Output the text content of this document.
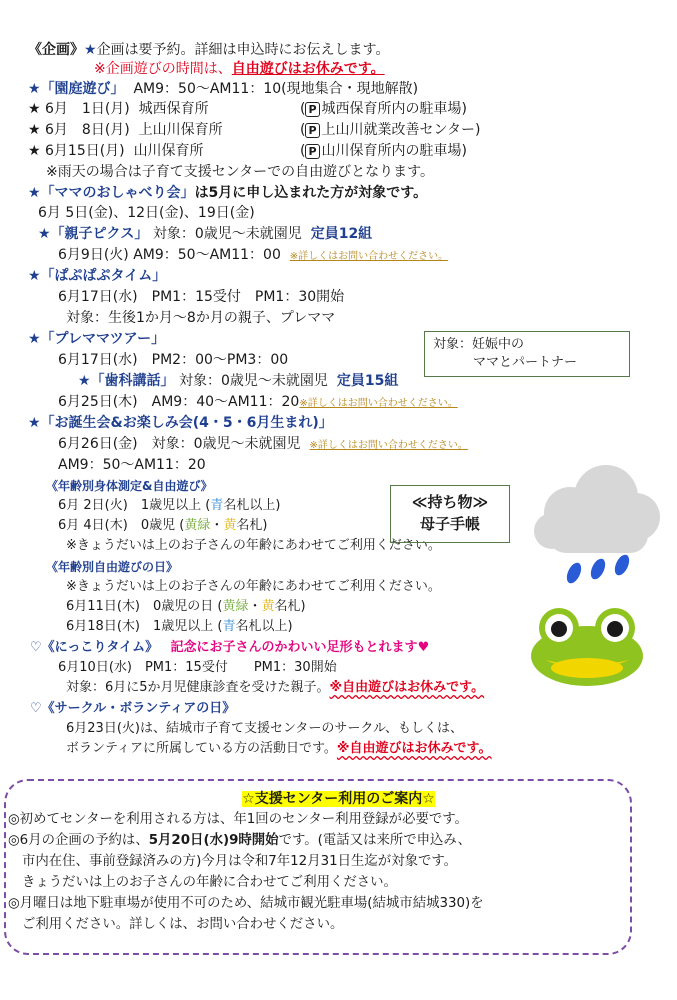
《企画》★企画は要予約。詳細は申込時にお伝えします。
※企画遊びの時間は、自由遊びはお休みです。
★「園庭遊び」 AM9：50～AM11：10(現地集合・現地解散)
★ 6月　1日(月) 城西保育所	( P 城西保育所内の駐車場)
★ 6月　8日(月) 上山川保育所	( P 上山川就業改善センター)
★ 6月15日(月) 山川保育所	( P 山川保育所内の駐車場)
※雨天の場合は子育て支援センターでの自由遊びとなります。
★「ママのおしゃべり会」は5月に申し込まれた方が対象です。
6月 5日(金)、12日(金)、19日(金)
★「親子ピクス」 対象：0歳児～未就園児 定員12組
6月9日(火) AM9：50～AM11：00 ※詳しくはお問い合わせください。
★「ぱぷぱぷタイム」
6月17日(水)　PM1：15受付　PM1：30開始
対象：生後1か月～8か月の親子、プレママ
★「プレママツアー」
6月17日(水)　PM2：00～PM3：00
対象：妊娠中の
ママとパートナー
★「歯科講話」 対象：0歳児～未就園児 定員15組
6月25日(木)　AM9：40～AM11：20※詳しくはお問い合わせください。
★「お誕生会&お楽しみ会(4・5・6月生まれ)」
6月26日(金)　対象：0歳児～未就園児 ※詳しくはお問い合わせください。
AM9：50～AM11：20
《年齢別身体測定&自由遊び》
6月 2日(火)　1歳児以上 (青名札以上)
6月 4日(木)　0歳児 (黄緑・黄名札)
※きょうだいは上のお子さんの年齢にあわせてご利用ください。
≪持ち物≫
母子手帳
《年齢別自由遊びの日》
※きょうだいは上のお子さんの年齢にあわせてご利用ください。
6月11日(木)　0歳児の日 (黄緑・黄名札)
6月18日(木)　1歳児以上 (青名札以上)
♡《にっこりタイム》 記念にお子さんのかわいい足形もとれます♥
6月10日(水)　PM1：15受付　　PM1：30開始
対象：6月に5か月児健康診査を受けた親子。※自由遊びはお休みです。
♡《サークル・ボランティアの日》
6月23日(火)は、結城市子育て支援センターのサークル、もしくは、
ボランティアに所属している方の活動日です。※自由遊びはお休みです。
☆支援センター利用のご案内☆
◎初めてセンターを利用される方は、年1回のセンター利用登録が必要です。
◎6月の企画の予約は、5月20日(水)9時開始です。(電話又は来所で申込み、
市内在住、事前登録済みの方)今月は令和7年12月31日生迄が対象です。
きょうだいは上のお子さんの年齢に合わせてご利用ください。
◎月曜日は地下駐車場が使用不可のため、結城市観光駐車場(結城市結城330)を
ご利用ください。詳しくは、お問い合わせください。
